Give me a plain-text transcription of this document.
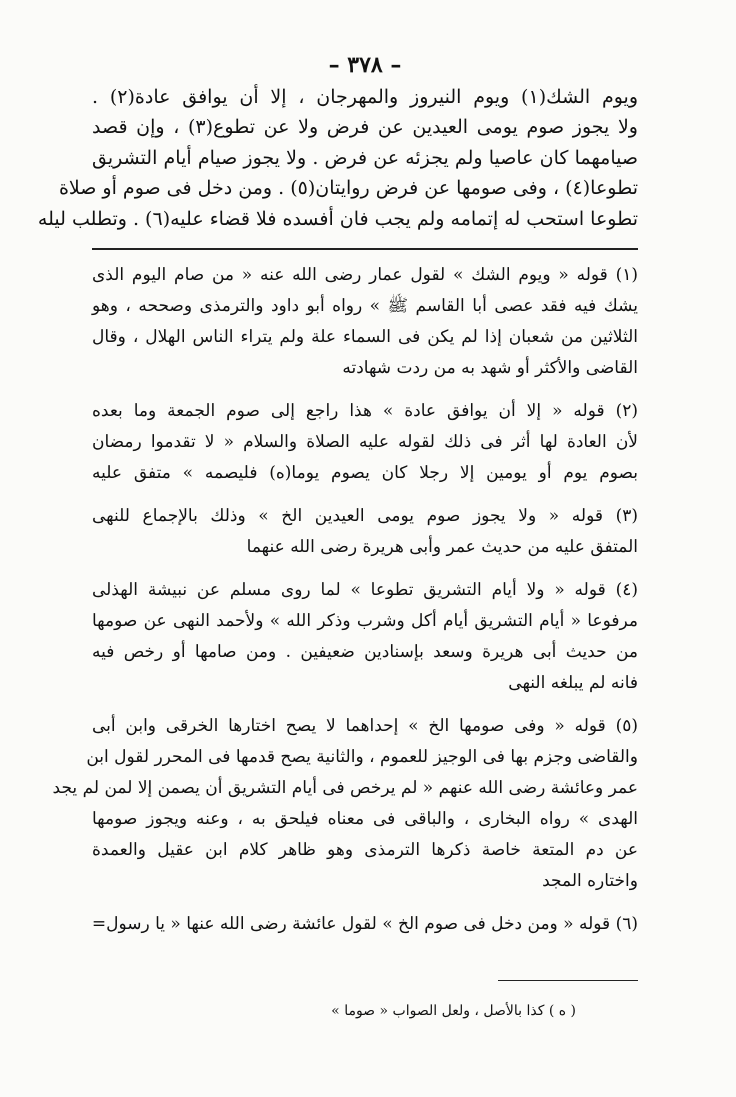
– ٣٧٨ –

ويوم الشك(١) ويوم النيروز والمهرجان ، إلا أن يوافق عادة(٢) .

ولا يجوز صوم يومى العيدين عن فرض ولا عن تطوع(٣) ، وإن قصد

صيامهما كان عاصيا ولم يجزئه عن فرض . ولا يجوز صيام أيام التشريق

تطوعا(٤) ، وفى صومها عن فرض روايتان(٥) . ومن دخل فى صوم أو صلاة

تطوعا استحب له إتمامه ولم يجب فان أفسده فلا قضاء عليه(٦) . وتطلب ليله

(١) قوله « ويوم الشك » لقول عمار رضى الله عنه « من صام اليوم الذى

يشك فيه فقد عصى أبا القاسم ﷺ » رواه أبو داود والترمذى وصححه ، وهو

الثلاثين من شعبان إذا لم يكن فى السماء علة ولم يتراء الناس الهلال ، وقال

القاضى والأكثر أو شهد به من ردت شهادته

(٢) قوله « إلا أن يوافق عادة » هذا راجع إلى صوم الجمعة وما بعده

لأن العادة لها أثر فى ذلك لقوله عليه الصلاة والسلام « لا تقدموا رمضان

بصوم يوم أو يومين إلا رجلا كان يصوم يوما(ه) فليصمه » متفق عليه

(٣) قوله « ولا يجوز صوم يومى العيدين الخ » وذلك بالإجماع للنهى

المتفق عليه من حديث عمر وأبى هريرة رضى الله عنهما

(٤) قوله « ولا أيام التشريق تطوعا » لما روى مسلم عن نبيشة الهذلى

مرفوعا « أيام التشريق أيام أكل وشرب وذكر الله » ولأحمد النهى عن صومها

من حديث أبى هريرة وسعد بإسنادين ضعيفين . ومن صامها أو رخص فيه

فانه لم يبلغه النهى

(٥) قوله « وفى صومها الخ » إحداهما لا يصح اختارها الخرقى وابن أبى

والقاضى وجزم بها فى الوجيز للعموم ، والثانية يصح قدمها فى المحرر لقول ابن

عمر وعائشة رضى الله عنهم « لم يرخص فى أيام التشريق أن يصمن إلا لمن لم يجد

الهدى » رواه البخارى ، والباقى فى معناه فيلحق به ، وعنه ويجوز صومها

عن دم المتعة خاصة ذكرها الترمذى وهو ظاهر كلام ابن عقيل والعمدة

واختاره المجد

(٦) قوله « ومن دخل فى صوم الخ » لقول عائشة رضى الله عنها « يا رسول=

( ه ) كذا بالأصل ، ولعل الصواب « صوما »
